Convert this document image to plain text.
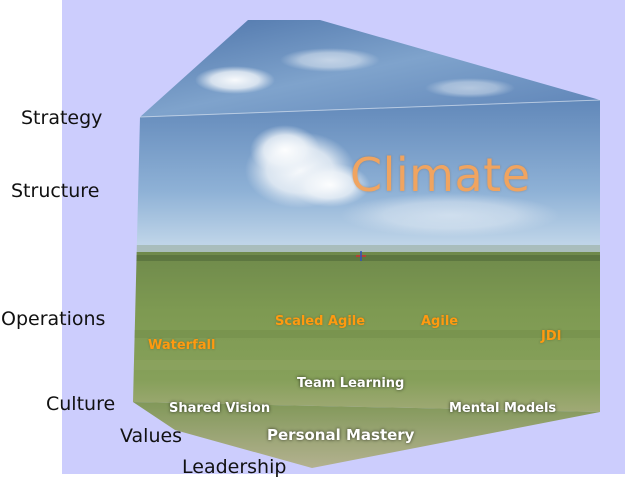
Strategy
Structure
Operations
Culture
Values
Leadership
Climate
Waterfall
Scaled Agile	Agile
JDI
Team Learning
Shared Vision	Mental Models
Personal Mastery
